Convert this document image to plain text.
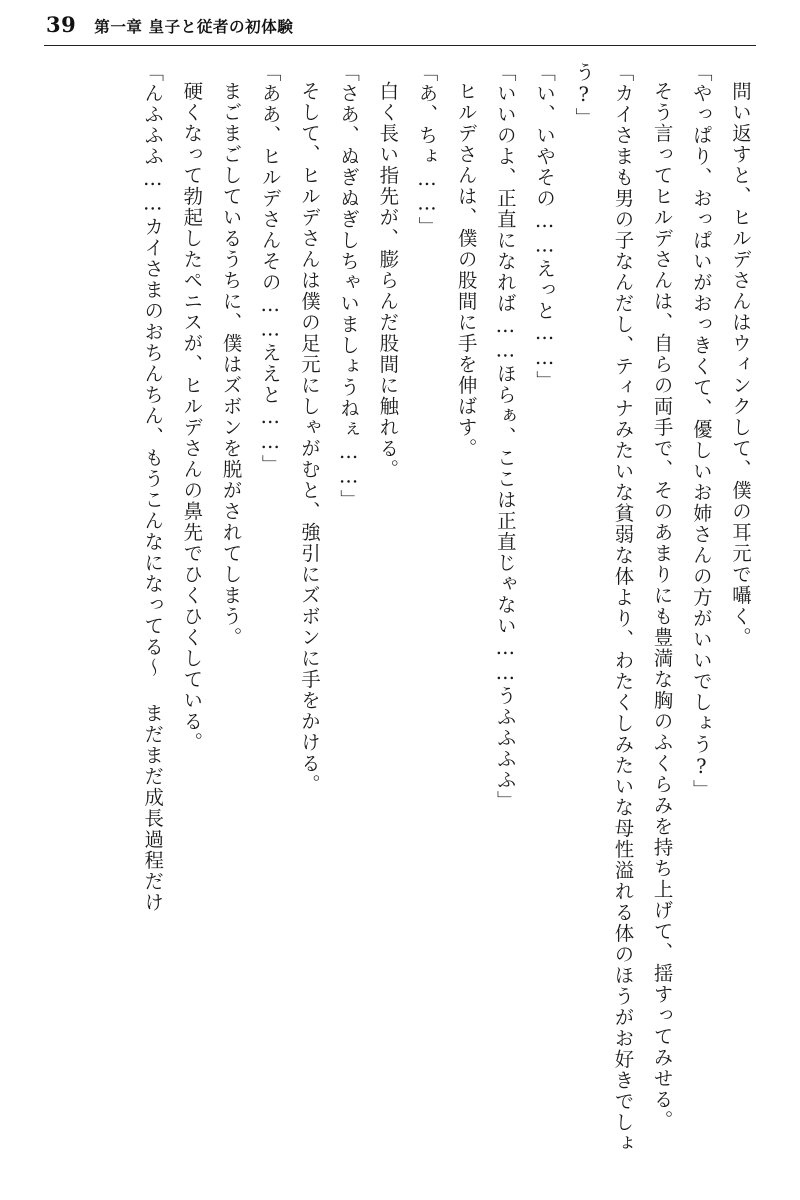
39 第一章 皇子と従者の初体験

問い返すと、ヒルデさんはウィンクして、僕の耳元で囁く。

「やっぱり、おっぱいがおっきくて、優しいお姉さんの方がいいでしょう?」

そう言ってヒルデさんは、自らの両手で、そのあまりにも豊満な胸のふくらみを持ち上げて、揺すってみせる。

「カイさまも男の子なんだし、ティナみたいな貧弱な体より、わたくしみたいな母性溢れる体のほうがお好きでしょう?」

「い、いやその……えっと……」

「いいのよ、正直になれば……ほらぁ、ここは正直じゃない……うふふふふ」

ヒルデさんは、僕の股間に手を伸ばす。

「あ、ちょ……」

白く長い指先が、膨らんだ股間に触れる。

「さあ、ぬぎぬぎしちゃいましょうねぇ……」

そして、ヒルデさんは僕の足元にしゃがむと、強引にズボンに手をかける。

「ああ、ヒルデさんその……ええと……」

まごまごしているうちに、僕はズボンを脱がされてしまう。

硬くなって勃起したペニスが、ヒルデさんの鼻先でひくひくしている。

「んふふふ……カイさまのおちんちん、もうこんなになってる〜 まだまだ成長過程だけ
